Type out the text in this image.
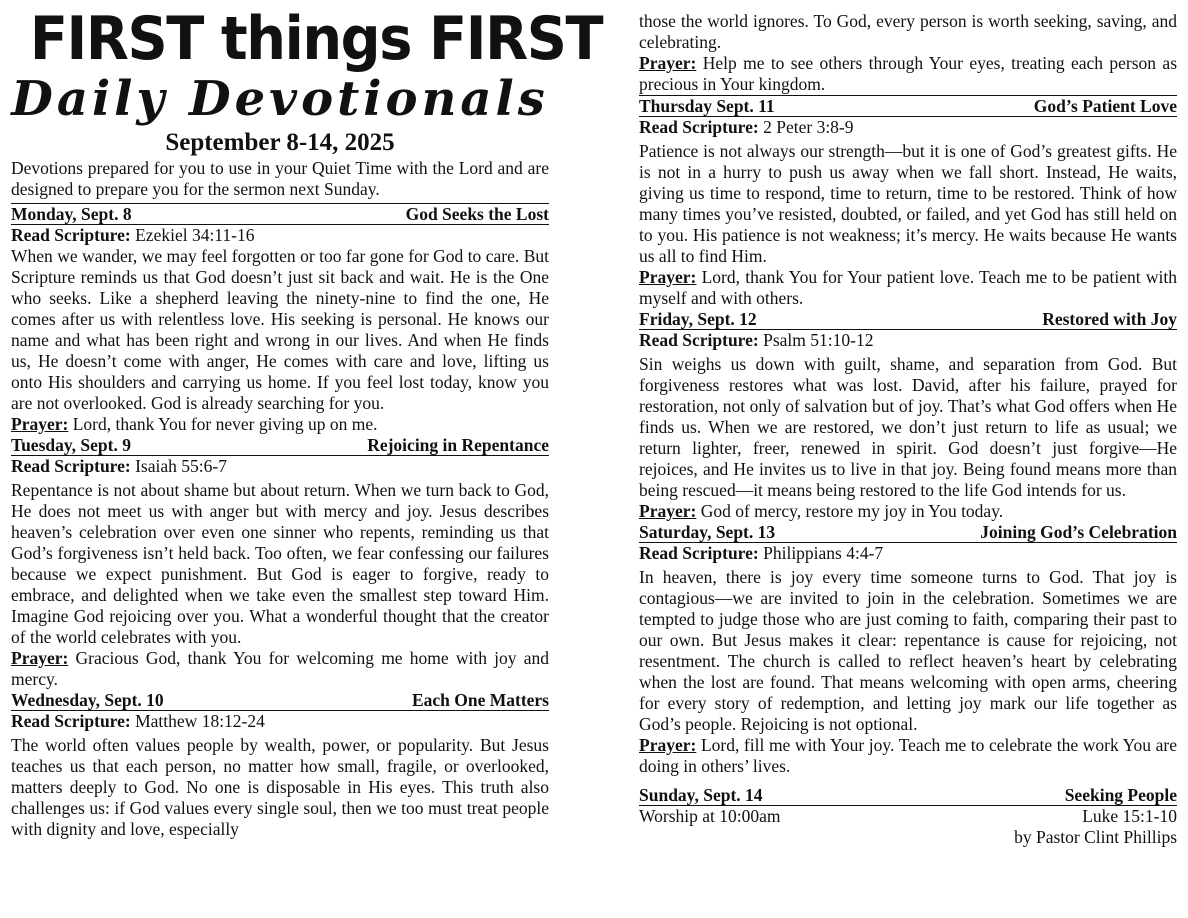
FIRST things FIRST
Daily Devotionals
September 8-14, 2025
Devotions prepared for you to use in your Quiet Time with the Lord and are designed to prepare you for the sermon next Sunday.
Monday, Sept. 8	God Seeks the Lost
Read Scripture: Ezekiel 34:11-16
When we wander, we may feel forgotten or too far gone for God to care. But Scripture reminds us that God doesn’t just sit back and wait. He is the One who seeks. Like a shepherd leaving the ninety-nine to find the one, He comes after us with relentless love. His seeking is personal. He knows our name and what has been right and wrong in our lives. And when He finds us, He doesn’t come with anger, He comes with care and love, lifting us onto His shoulders and carrying us home. If you feel lost today, know you are not overlooked. God is already searching for you.
Prayer: Lord, thank You for never giving up on me.
Tuesday, Sept. 9	Rejoicing in Repentance
Read Scripture: Isaiah 55:6-7
Repentance is not about shame but about return. When we turn back to God, He does not meet us with anger but with mercy and joy. Jesus describes heaven’s celebration over even one sinner who repents, reminding us that God’s forgiveness isn’t held back. Too often, we fear confessing our failures because we expect punishment. But God is eager to forgive, ready to embrace, and delighted when we take even the smallest step toward Him. Imagine God rejoicing over you. What a wonderful thought that the creator of the world celebrates with you.
Prayer: Gracious God, thank You for welcoming me home with joy and mercy.
Wednesday, Sept. 10	Each One Matters
Read Scripture: Matthew 18:12-24
The world often values people by wealth, power, or popularity. But Jesus teaches us that each person, no matter how small, fragile, or overlooked, matters deeply to God. No one is disposable in His eyes. This truth also challenges us: if God values every single soul, then we too must treat people with dignity and love, especially
those the world ignores. To God, every person is worth seeking, saving, and celebrating.
Prayer: Help me to see others through Your eyes, treating each person as precious in Your kingdom.
Thursday Sept. 11	God’s Patient Love
Read Scripture: 2 Peter 3:8-9
Patience is not always our strength—but it is one of God’s greatest gifts. He is not in a hurry to push us away when we fall short. Instead, He waits, giving us time to respond, time to return, time to be restored. Think of how many times you’ve resisted, doubted, or failed, and yet God has still held on to you. His patience is not weakness; it’s mercy. He waits because He wants us all to find Him.
Prayer: Lord, thank You for Your patient love. Teach me to be patient with myself and with others.
Friday, Sept. 12	Restored with Joy
Read Scripture: Psalm 51:10-12
Sin weighs us down with guilt, shame, and separation from God. But forgiveness restores what was lost. David, after his failure, prayed for restoration, not only of salvation but of joy. That’s what God offers when He finds us. When we are restored, we don’t just return to life as usual; we return lighter, freer, renewed in spirit. God doesn’t just forgive—He rejoices, and He invites us to live in that joy. Being found means more than being rescued—it means being restored to the life God intends for us.
Prayer: God of mercy, restore my joy in You today.
Saturday, Sept. 13	Joining God’s Celebration
Read Scripture: Philippians 4:4-7
In heaven, there is joy every time someone turns to God. That joy is contagious—we are invited to join in the celebration. Sometimes we are tempted to judge those who are just coming to faith, comparing their past to our own. But Jesus makes it clear: repentance is cause for rejoicing, not resentment. The church is called to reflect heaven’s heart by celebrating when the lost are found. That means welcoming with open arms, cheering for every story of redemption, and letting joy mark our life together as God’s people. Rejoicing is not optional.
Prayer: Lord, fill me with Your joy. Teach me to celebrate the work You are doing in others’ lives.
Sunday, Sept. 14	Seeking People
Worship at 10:00am	Luke 15:1-10
by Pastor Clint Phillips
